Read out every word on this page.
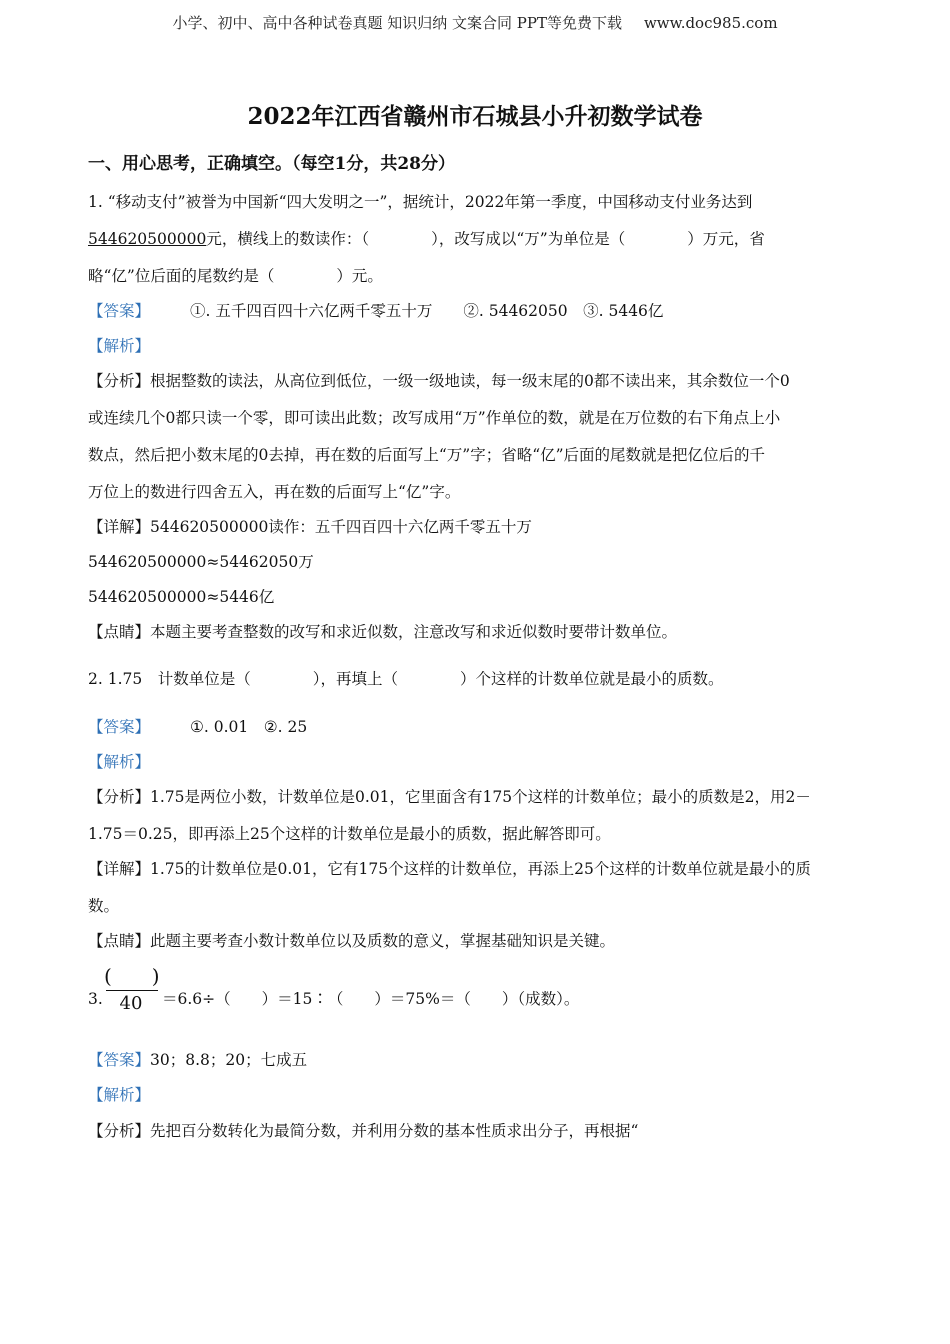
小学、初中、高中各种试卷真题 知识归纳 文案合同 PPT等免费下载 www.doc985.com
2022年江西省赣州市石城县小升初数学试卷
一、用心思考，正确填空。（每空1分，共28分）
1. “移动支付”被誉为中国新“四大发明之一”，据统计，2022年第一季度，中国移动支付业务达到
544620500000元，横线上的数读作：（　　　　），改写成以“万”为单位是（　　　　）万元，省
略“亿”位后面的尾数约是（　　　　）元。
【答案】	①. 五千四百四十六亿两千零五十万　　②. 54462050　③. 5446亿
【解析】
【分析】根据整数的读法，从高位到低位，一级一级地读，每一级末尾的0都不读出来，其余数位一个0
或连续几个0都只读一个零，即可读出此数；改写成用“万”作单位的数，就是在万位数的右下角点上小
数点，然后把小数末尾的0去掉，再在数的后面写上“万”字；省略“亿”后面的尾数就是把亿位后的千
万位上的数进行四舍五入，再在数的后面写上“亿”字。
【详解】544620500000读作：五千四百四十六亿两千零五十万
544620500000≈54462050万
544620500000≈5446亿
【点睛】本题主要考查整数的改写和求近似数，注意改写和求近似数时要带计数单位。
2. 1.75　计数单位是（　　　　），再填上（　　　　）个这样的计数单位就是最小的质数。
【答案】	①. 0.01　②. 25
【解析】
【分析】1.75是两位小数，计数单位是0.01，它里面含有175个这样的计数单位；最小的质数是2，用2－
1.75＝0.25，即再添上25个这样的计数单位是最小的质数，据此解答即可。
【详解】1.75的计数单位是0.01，它有175个这样的计数单位，再添上25个这样的计数单位就是最小的质
数。
【点睛】此题主要考查小数计数单位以及质数的意义，掌握基础知识是关键。
3.
(　　)
40	＝6.6÷（　　）＝15∶（　　）＝75%＝（　　）（成数）。
【答案】30；8.8；20；七成五
【解析】
【分析】先把百分数转化为最简分数，并利用分数的基本性质求出分子，再根据“
